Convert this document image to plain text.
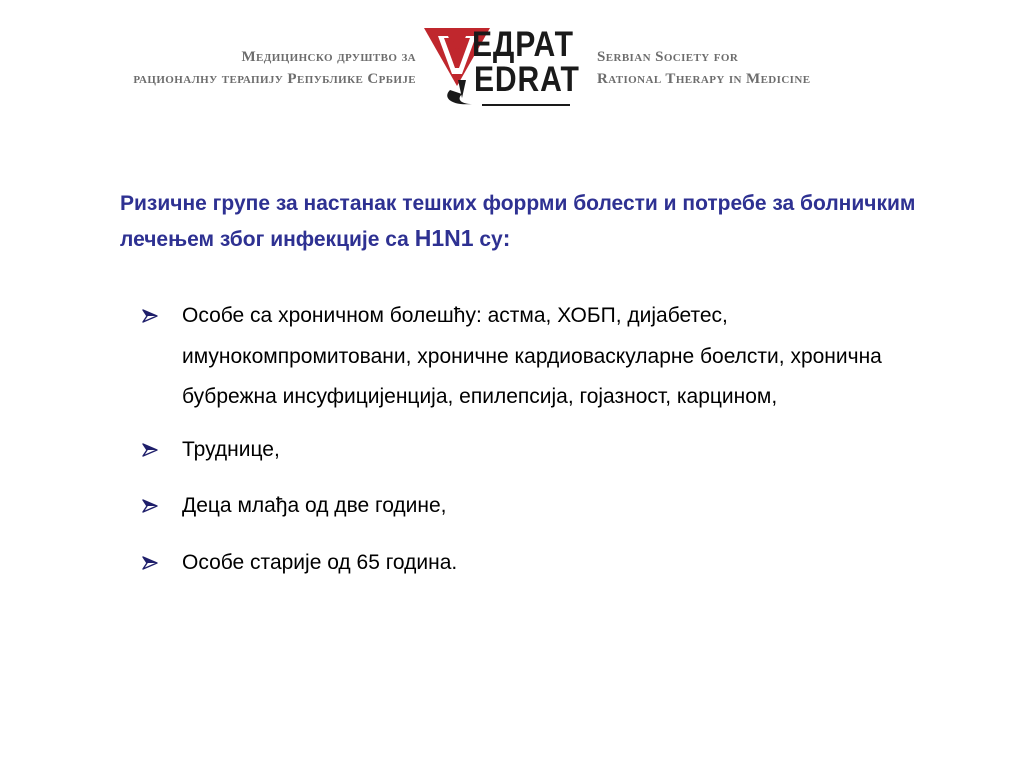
Медицинско друштво за
рационалну терапију Републике Србије
ЕДРАТ
EDRAT
Serbian Society for
Rational Therapy in Medicine
Ризичне групе за настанак тешких форрми болести и потребе за болничким лечењем због инфекције са H1N1 су:
Особе са хроничном болешћу: астма, ХОБП, дијабетес, имунокомпромитовани, хроничне кардиоваскуларне боелсти, хронична бубрежна инсуфицијенција, епилепсија, гојазност, карцином,
Труднице,
Деца млађа од две године,
Особе старије од 65 година.
